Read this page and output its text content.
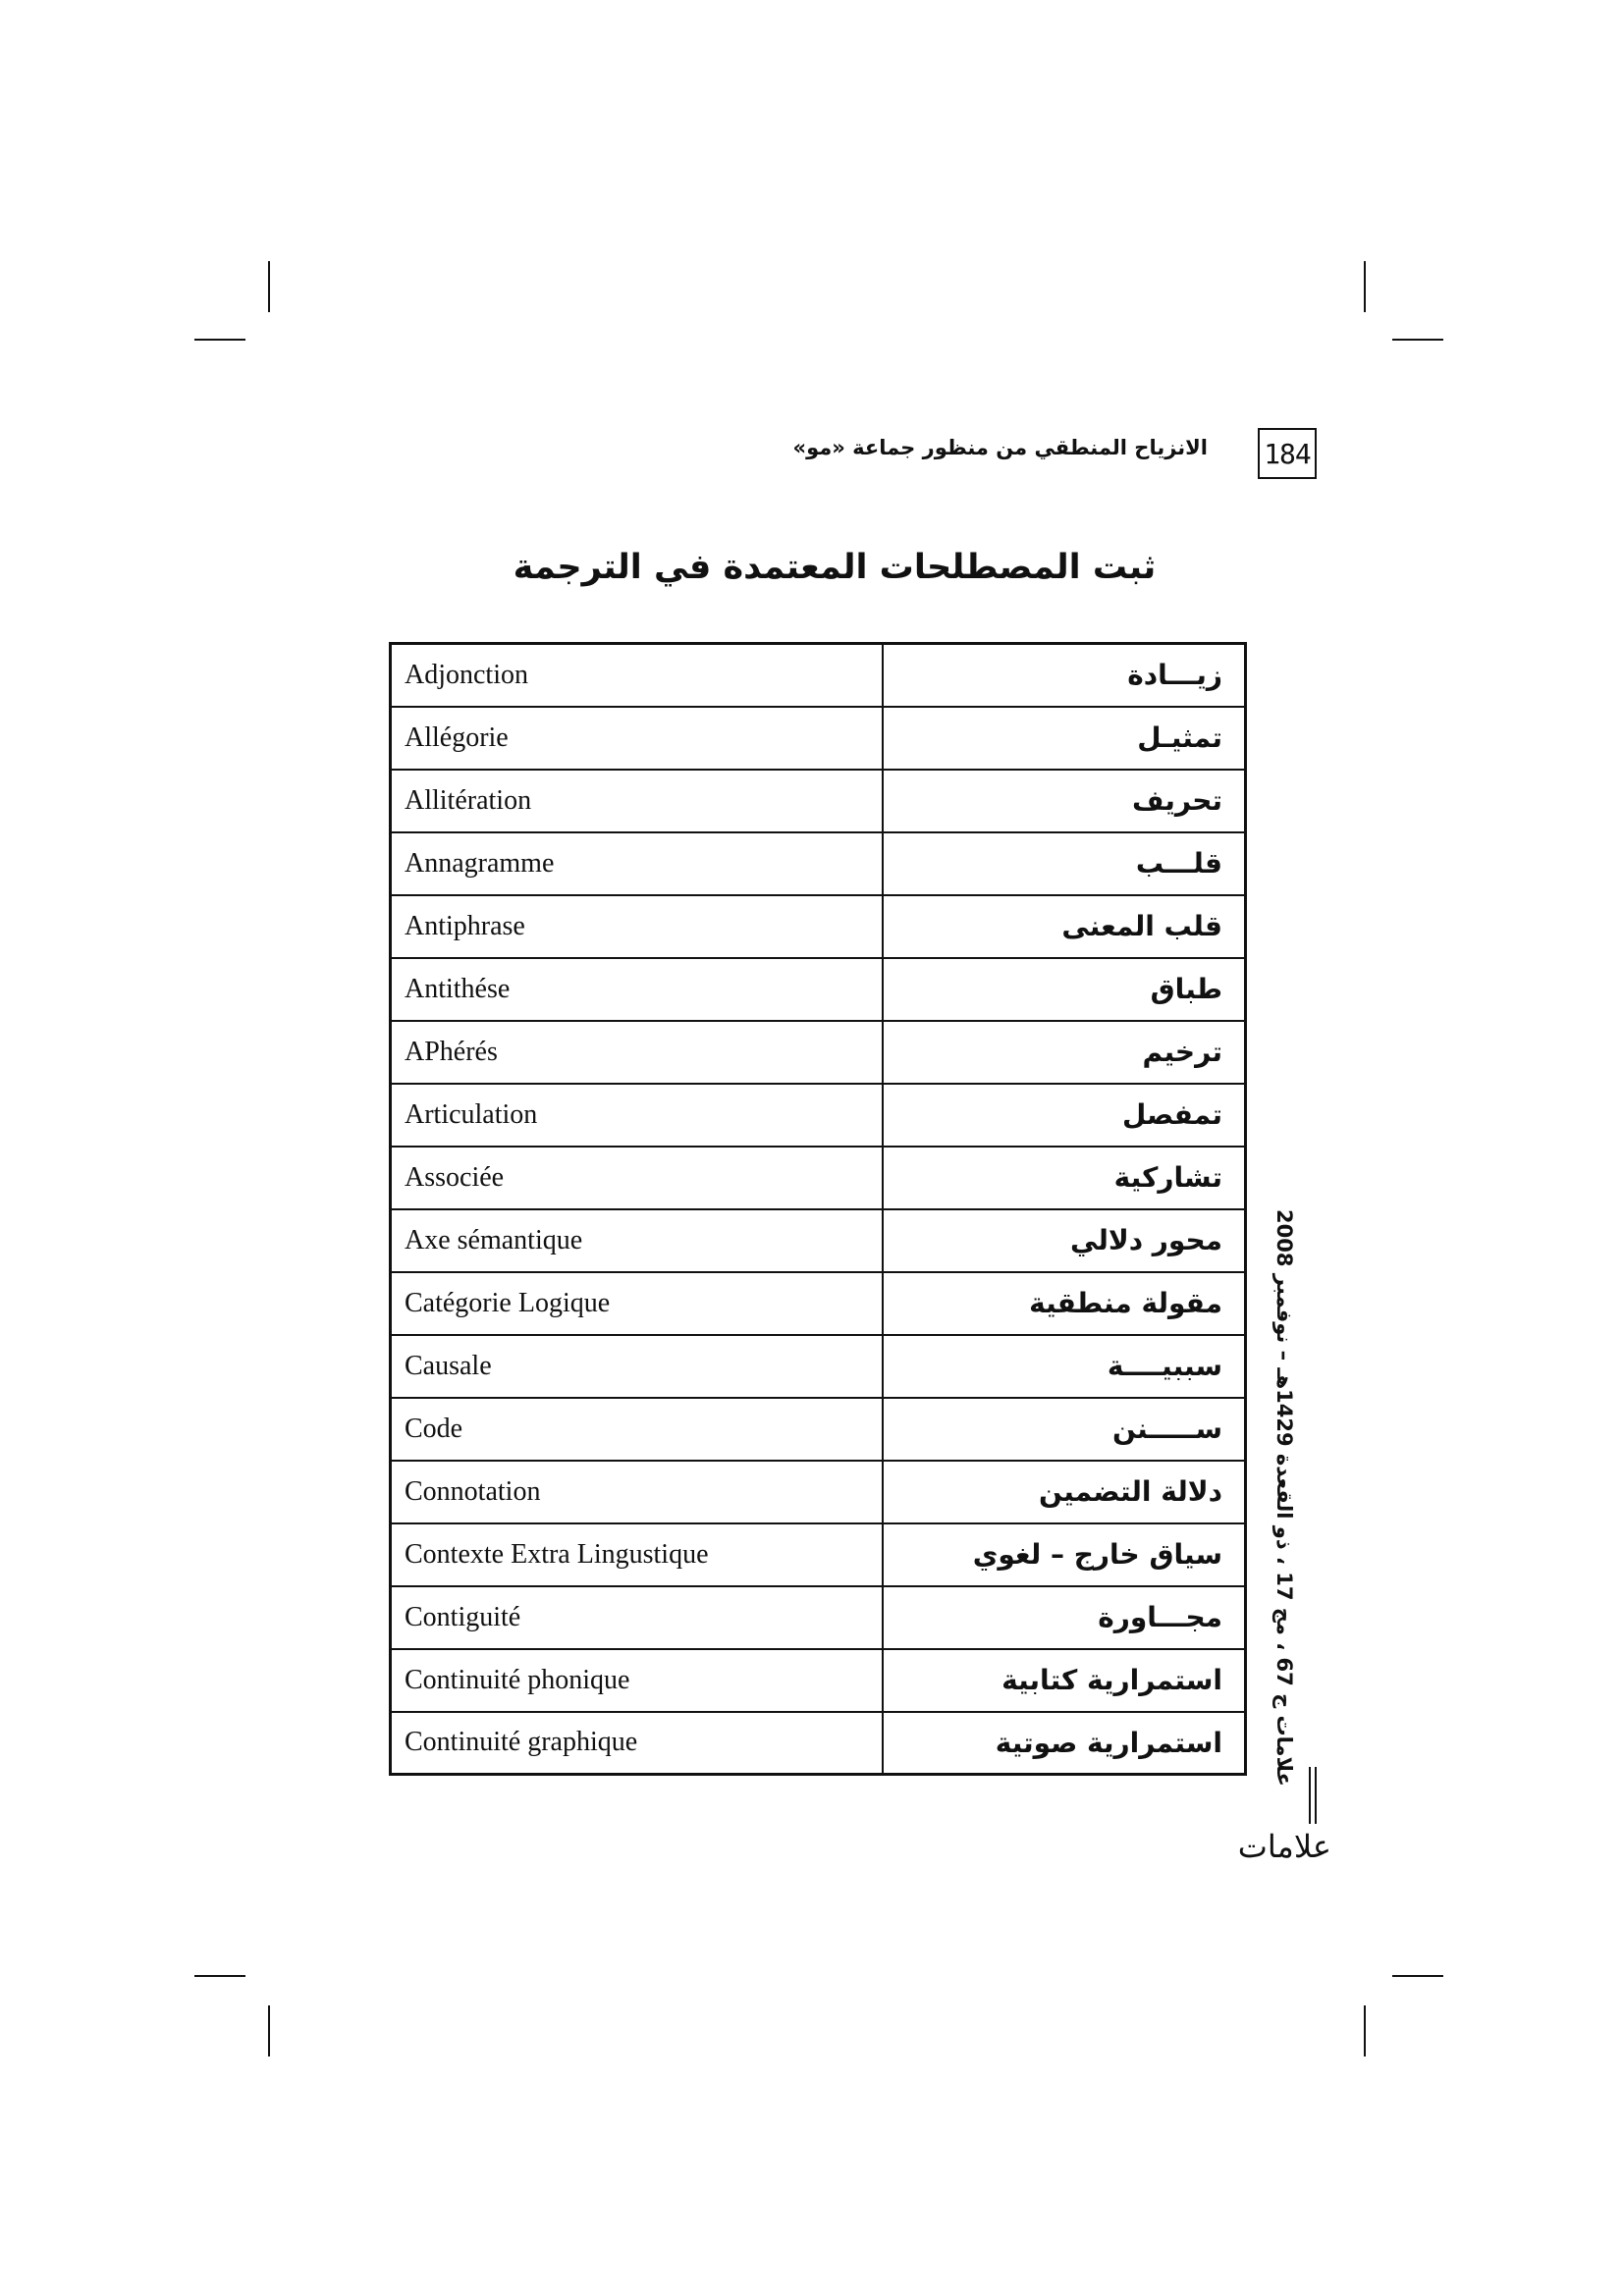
الانزياح المنطقي من منظور جماعة «مو» 184
ثبت المصطلحات المعتمدة في الترجمة
Adjonction	زيـــادة
Allégorie	تمثيـل
Allitération	تحريف
Annagramme	قلـــب
Antiphrase	قلب المعنى
Antithése	طباق
APhérés	ترخيم
Articulation	تمفصل
Associée	تشاركية
Axe sémantique	محور دلالي
Catégorie Logique	مقولة منطقية
Causale	سببيــــة
Code	ســـــنن
Connotation	دلالة التضمين
Contexte Extra Lingustique	سياق خارج – لغوي
Contiguité	مجـــاورة
Continuité phonique	استمرارية كتابية
Continuité graphique	استمرارية صوتية
علامات ج 67 ، مج 17 ، ذو القعدة 1429هـ – نوفمبر 2008
علامات
